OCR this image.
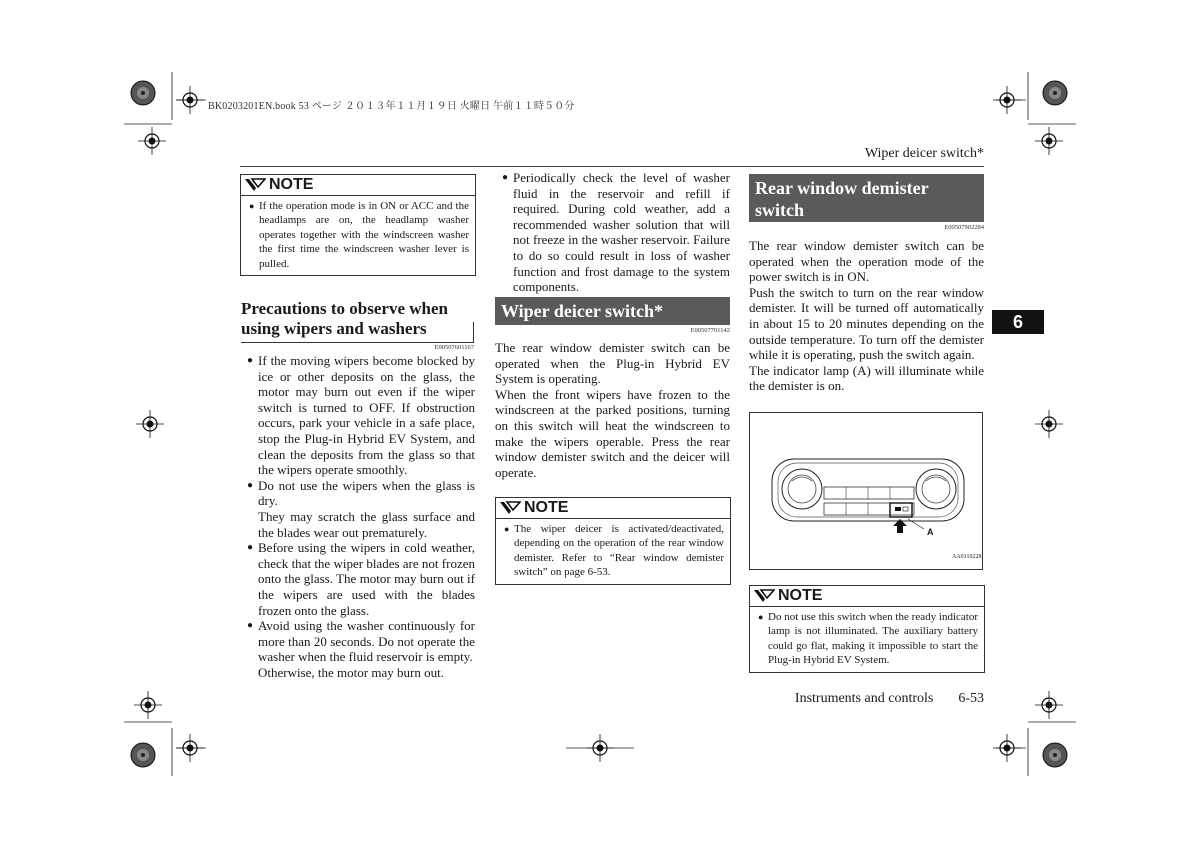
BK0203201EN.book 53 ページ ２０１３年１１月１９日 火曜日 午前１１時５０分
Wiper deicer switch*
6
NOTE
● If the operation mode is in ON or ACC and the headlamps are on, the headlamp washer operates together with the windscreen washer the first time the windscreen washer lever is pulled.
Precautions to observe when using wipers and washers
E00507601167
● If the moving wipers become blocked by ice or other deposits on the glass, the motor may burn out even if the wiper switch is turned to OFF. If obstruction occurs, park your vehicle in a safe place, stop the Plug-in Hybrid EV System, and clean the deposits from the glass so that the wipers operate smoothly.
● Do not use the wipers when the glass is dry.
They may scratch the glass surface and the blades wear out prematurely.
● Before using the wipers in cold weather, check that the wiper blades are not frozen onto the glass. The motor may burn out if the wipers are used with the blades frozen onto the glass.
● Avoid using the washer continuously for more than 20 seconds. Do not operate the washer when the fluid reservoir is empty.
Otherwise, the motor may burn out.
● Periodically check the level of washer fluid in the reservoir and refill if required. During cold weather, add a recommended washer solution that will not freeze in the washer reservoir. Failure to do so could result in loss of washer function and frost damage to the system components.
Wiper deicer switch*
E00507701142

The rear window demister switch can be operated when the Plug-in Hybrid EV System is operating.

When the front wipers have frozen to the windscreen at the parked positions, turning on this switch will heat the windscreen to make the wipers operable. Press the rear window demister switch and the deicer will operate.

NOTE
● The wiper deicer is activated/deactivated, depending on the operation of the rear window demister. Refer to “Rear window demister switch” on page 6-53.
Rear window demister switch
E00507902284

The rear window demister switch can be operated when the operation mode of the power switch is in ON.

Push the switch to turn on the rear window demister. It will be turned off automatically in about 15 to 20 minutes depending on the outside temperature. To turn off the demister while it is operating, push the switch again.

The indicator lamp (A) will illuminate while the demister is on.

A
AA0110228
NOTE
● Do not use this switch when the ready indicator lamp is not illuminated. The auxiliary battery could go flat, making it impossible to start the Plug-in Hybrid EV System.
Instruments and controls 6-53
